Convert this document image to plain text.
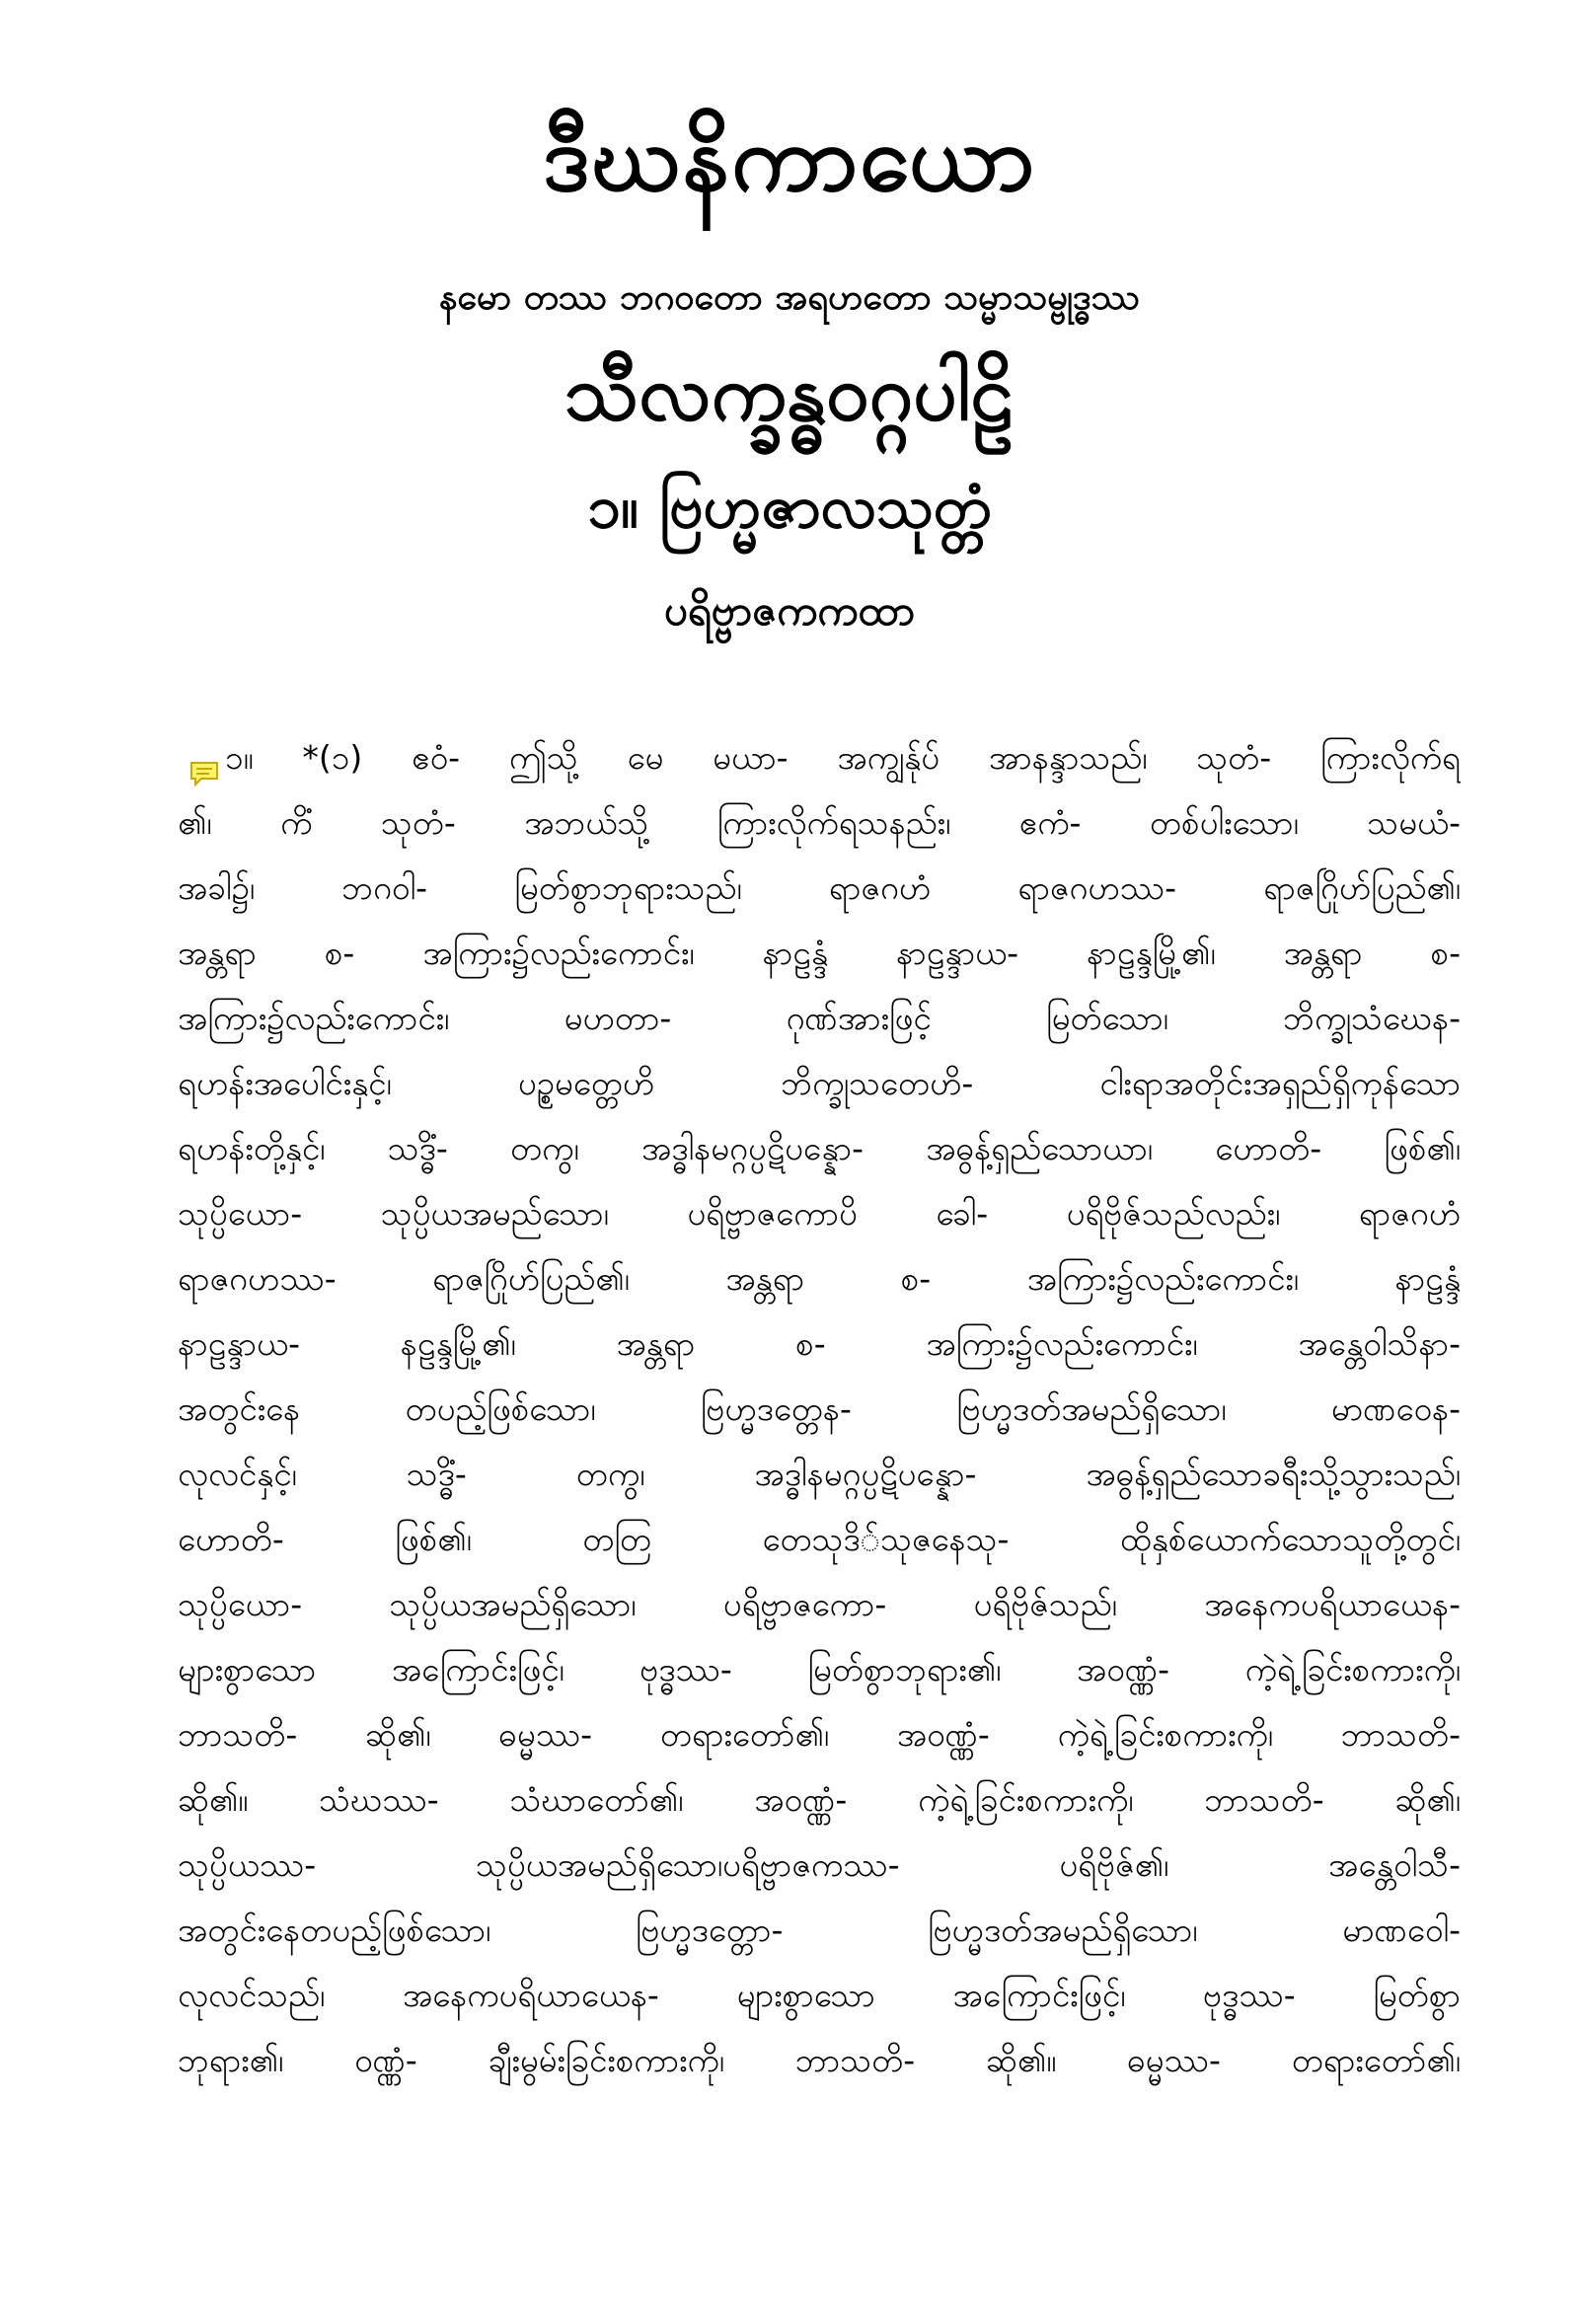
ဒီဃနိကာယော
နမော တဿ ဘဂဝတော အရဟတော သမ္မာသမ္ဗုဒ္ဓဿ
သီလက္ခန္ဓဝဂ္ဂပါဠိ
၁။ ဗြဟ္မဇာလသုတ္တံ
ပရိဗ္ဗာဇကကထာ
၁။ *(၁) ဧဝံ- ဤသို့ မေ မယာ- အကျွန်ုပ် အာနန္ဒာသည်၊ သုတံ- ကြားလိုက်ရ
၏၊ ကိံ သုတံ- အဘယ်သို့ ကြားလိုက်ရသနည်း၊ ဧကံ- တစ်ပါးသော၊ သမယံ-
အခါ၌၊ ဘဂဝါ- မြတ်စွာဘုရားသည်၊ ရာဇဂဟံ ရာဇဂဟဿ- ရာဇဂြိုဟ်ပြည်၏၊
အန္တရာ စ- အကြား၌လည်းကောင်း၊ နာဠန္ဒံ နာဠန္ဒာယ- နာဠန္ဒမြို့၏၊ အန္တရာ စ-
အကြား၌လည်းကောင်း၊ မဟတာ- ဂုဏ်အားဖြင့် မြတ်သော၊ ဘိက္ခုသံဃေန-
ရဟန်းအပေါင်းနှင့်၊ ပဉ္စမတ္တေဟိ ဘိက္ခုသတေဟိ- ငါးရာအတိုင်းအရှည်ရှိကုန်သော
ရဟန်းတို့နှင့်၊ သဒ္ဓိံ- တကွ၊ အဒ္ဓါနမဂ္ဂပ္ပဋိပန္နော- အဓွန့်ရှည်သောယာ၊ ဟောတိ- ဖြစ်၏၊
သုပ္ပိယော- သုပ္ပိယအမည်သော၊ ပရိဗ္ဗာဇကောပိ ခေါ- ပရိဗိုဇ်သည်လည်း၊ ရာဇဂဟံ
ရာဇဂဟဿ- ရာဇဂြိုဟ်ပြည်၏၊ အန္တရာ စ- အကြား၌လည်းကောင်း၊ နာဠန္ဒံ
နာဠန္ဒာယ- နဠန္ဒမြို့၏၊ အန္တရာ စ- အကြား၌လည်းကောင်း၊ အန္တေဝါသိနာ-
အတွင်းနေ တပည့်ဖြစ်သော၊ ဗြဟ္မဒတ္တေန- ဗြဟ္မဒတ်အမည်ရှိသော၊ မာဏဝေန-
လုလင်နှင့်၊ သဒ္ဓိံ- တကွ၊ အဒ္ဓါနမဂ္ဂပ္ပဋိပန္နော- အဓွန့်ရှည်သောခရီးသို့သွားသည်၊
ဟောတိ- ဖြစ်၏၊ တတြ တေသုဒိ်သုဇနေသု- ထိုနှစ်ယောက်သောသူတို့တွင်၊
သုပ္ပိယော- သုပ္ပိယအမည်ရှိသော၊ ပရိဗ္ဗာဇကော- ပရိဗိုဇ်သည်၊ အနေကပရိယာယေန-
များစွာသော အကြောင်းဖြင့်၊ ဗုဒ္ဓဿ- မြတ်စွာဘုရား၏၊ အဝဏ္ဏံ- ကဲ့ရဲ့ခြင်းစကားကို၊
ဘာသတိ- ဆို၏၊ ဓမ္မဿ- တရားတော်၏၊ အဝဏ္ဏံ- ကဲ့ရဲ့ခြင်းစကားကို၊ ဘာသတိ-
ဆို၏။ သံဃဿ- သံဃာတော်၏၊ အဝဏ္ဏံ- ကဲ့ရဲ့ခြင်းစကားကို၊ ဘာသတိ- ဆို၏၊
သုပ္ပိယဿ- သုပ္ပိယအမည်ရှိသော၊ပရိဗ္ဗာဇကဿ- ပရိဗိုဇ်၏၊ အန္တေဝါသီ-
အတွင်းနေတပည့်ဖြစ်သော၊ ဗြဟ္မဒတ္တော- ဗြဟ္မဒတ်အမည်ရှိသော၊ မာဏဝေါ-
လုလင်သည်၊ အနေကပရိယာယေန- များစွာသော အကြောင်းဖြင့်၊ ဗုဒ္ဓဿ- မြတ်စွာ
ဘုရား၏၊ ဝဏ္ဏံ- ချီးမွမ်းခြင်းစကားကို၊ ဘာသတိ- ဆို၏။ ဓမ္မဿ- တရားတော်၏၊
